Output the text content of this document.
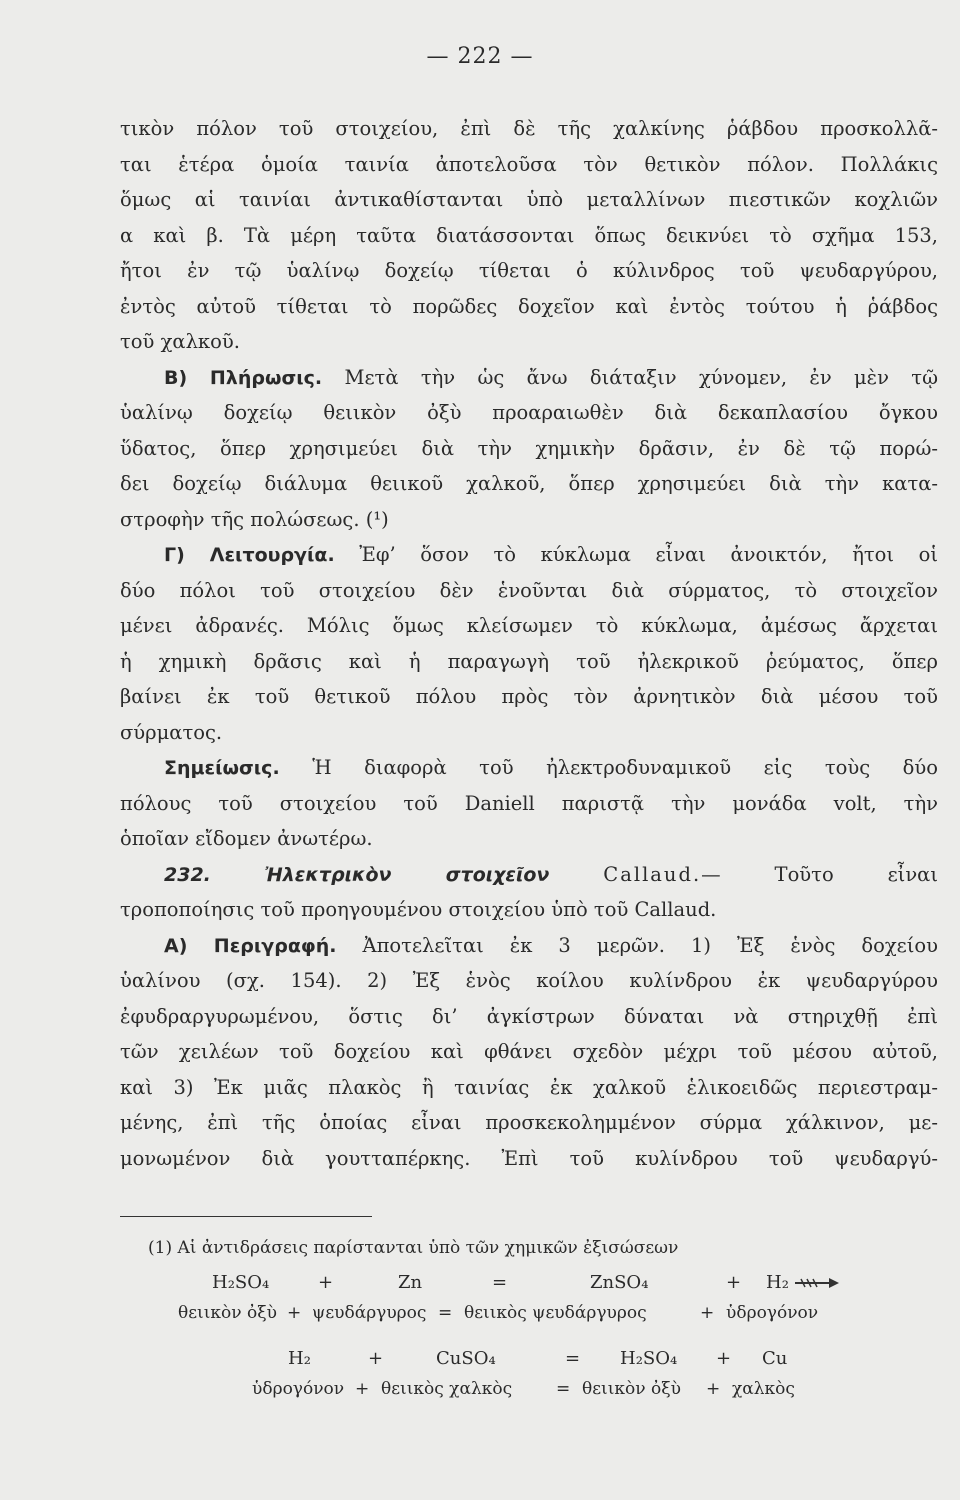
— 222 —
τικὸν πόλον τοῦ στοιχείου, ἐπὶ δὲ τῆς χαλκίνης ῥάβδου προσκολλᾶ-
ται ἑτέρα ὁμοία ταινία ἀποτελοῦσα τὸν θετικὸν πόλον. Πολλάκις
ὅμως αἱ ταινίαι ἀντικαθίστανται ὑπὸ μεταλλίνων πιεστικῶν κοχλιῶν
α καὶ β. Τὰ μέρη ταῦτα διατάσσονται ὅπως δεικνύει τὸ σχῆμα 153,
ἤτοι ἐν τῷ ὑαλίνῳ δοχείῳ τίθεται ὁ κύλινδρος τοῦ ψευδαργύρου,
ἐντὸς αὐτοῦ τίθεται τὸ πορῶδες δοχεῖον καὶ ἐντὸς τούτου ἡ ῥάβδος
τοῦ χαλκοῦ.
Β) Πλήρωσις. Μετὰ τὴν ὡς ἄνω διάταξιν χύνομεν, ἐν μὲν τῷ
ὑαλίνῳ δοχείῳ θειικὸν ὀξὺ προαραιωθὲν διὰ δεκαπλασίου ὄγκου
ὕδατος, ὅπερ χρησιμεύει διὰ τὴν χημικὴν δρᾶσιν, ἐν δὲ τῷ πορώ-
δει δοχείῳ διάλυμα θειικοῦ χαλκοῦ, ὅπερ χρησιμεύει διὰ τὴν κατα-
στροφὴν τῆς πολώσεως. (¹)
Γ) Λειτουργία. Ἐφ’ ὅσον τὸ κύκλωμα εἶναι ἀνοικτόν, ἤτοι οἱ
δύο πόλοι τοῦ στοιχείου δὲν ἑνοῦνται διὰ σύρματος, τὸ στοιχεῖον
μένει ἀδρανές. Μόλις ὅμως κλείσωμεν τὸ κύκλωμα, ἀμέσως ἄρχεται
ἡ χημικὴ δρᾶσις καὶ ἡ παραγωγὴ τοῦ ἠλεκρικοῦ ῥεύματος, ὅπερ
βαίνει ἐκ τοῦ θετικοῦ πόλου πρὸς τὸν ἀρνητικὸν διὰ μέσου τοῦ
σύρματος.
Σημείωσις. Ἡ διαφορὰ τοῦ ἠλεκτροδυναμικοῦ εἰς τοὺς δύο
πόλους τοῦ στοιχείου τοῦ Daniell παριστᾷ τὴν μονάδα volt, τὴν
ὁποῖαν εἴδομεν ἀνωτέρω.
232.	Ἠλεκτρικὸν στοιχεῖον	Callaud.— Τοῦτο εἶναι
τροποποίησις τοῦ προηγουμένου στοιχείου ὑπὸ τοῦ Callaud.
Α) Περιγραφή. Ἀποτελεῖται ἐκ 3 μερῶν. 1) Ἐξ ἑνὸς δοχείου
ὑαλίνου (σχ. 154). 2) Ἐξ ἑνὸς κοίλου κυλίνδρου ἐκ ψευδαργύρου
ἐφυδραργυρωμένου, ὅστις δι’ ἀγκίστρων δύναται νὰ στηριχθῇ ἐπὶ
τῶν χειλέων τοῦ δοχείου καὶ φθάνει σχεδὸν μέχρι τοῦ μέσου αὐτοῦ,
καὶ 3) Ἐκ μιᾶς πλακὸς ἢ ταινίας ἐκ χαλκοῦ ἑλικοειδῶς περιεστραμ-
μένης, ἐπὶ τῆς ὁποίας εἶναι προσκεκολημμένον σύρμα χάλκινον, με-
μονωμένον διὰ γουτταπέρκης. Ἐπὶ τοῦ κυλίνδρου τοῦ ψευδαργύ-
(1) Αἱ ἀντιδράσεις παρίστανται ὑπὸ τῶν χημικῶν ἐξισώσεων
H₂SO₄	+	Zn	=	ZnSO₄	+ H₂
θειικὸν ὀξὺ + ψευδάργυρος = θειικὸς ψευδάργυρος	+ ὑδρογόνον
H₂	+	CuSO₄	= H₂SO₄ + Cu
ὑδρογόνον + θειικὸς χαλκὸς	= θειικὸν ὀξὺ + χαλκὸς
